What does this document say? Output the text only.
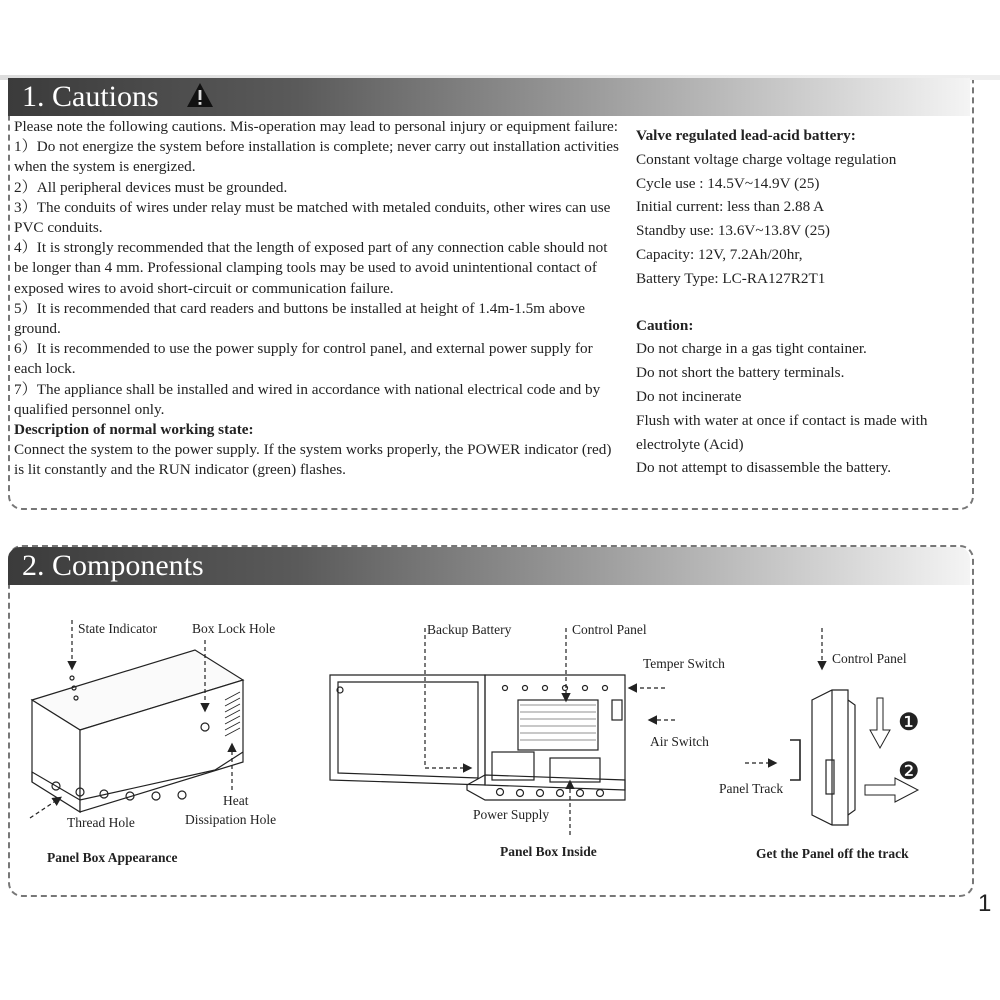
1. Cautions

Please note the following cautions. Mis-operation may lead to personal injury or equipment failure:

1）Do not energize the system before installation is complete; never carry out installation activities when the system is energized.

2）All peripheral devices must be grounded.

3）The conduits of wires under relay must be matched with metaled conduits, other wires can use PVC conduits.

4）It is strongly recommended that the length of exposed part of any connection cable should not be longer than 4 mm. Professional clamping tools may be used to avoid unintentional contact of exposed wires to avoid short-circuit or communication failure.

5）It is recommended that card readers and buttons be installed at height of 1.4m-1.5m above ground.

6）It is recommended to use the power supply for control panel, and external power supply for each lock.

7）The appliance shall be installed and wired in accordance with national electrical code and by qualified personnel only.

Description of normal working state:

Connect the system to the power supply. If the system works properly, the POWER indicator (red) is lit constantly and the RUN indicator (green) flashes.

Valve regulated lead-acid battery:

Constant voltage charge voltage regulation

Cycle use : 14.5V~14.9V (25)

Initial current: less than 2.88 A

Standby use: 13.6V~13.8V (25)

Capacity: 12V, 7.2Ah/20hr,

Battery Type: LC-RA127R2T1

Caution:

Do not charge in a gas tight container.

Do not short the battery terminals.

Do not incinerate

Flush with water at once if contact is made with electrolyte (Acid)

Do not attempt to disassemble the battery.

2. Components
State Indicator	Box Lock Hole
Heat
Dissipation Hole
Thread Hole
Backup Battery	Control Panel
Temper Switch
Air Switch
Power Supply
Control Panel
Panel Track
❶
❷
Panel Box Appearance	Panel Box Inside	Get the Panel off the track
1
